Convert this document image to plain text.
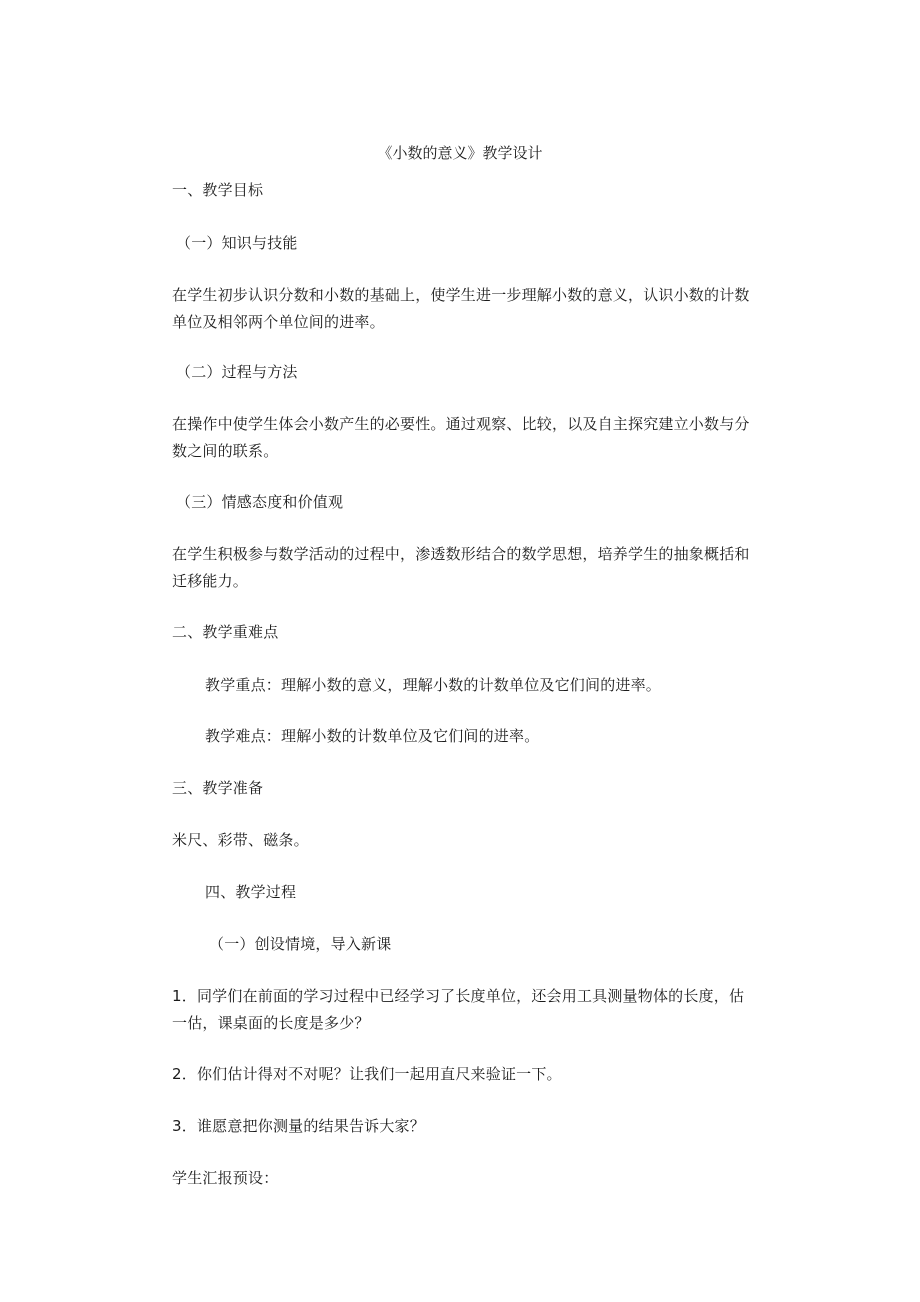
《小数的意义》教学设计
一、教学目标
（一）知识与技能
在学生初步认识分数和小数的基础上，使学生进一步理解小数的意义，认识小数的计数
单位及相邻两个单位间的进率。
（二）过程与方法
在操作中使学生体会小数产生的必要性。通过观察、比较，以及自主探究建立小数与分
数之间的联系。
（三）情感态度和价值观
在学生积极参与数学活动的过程中，渗透数形结合的数学思想，培养学生的抽象概括和
迁移能力。
二、教学重难点
教学重点：理解小数的意义，理解小数的计数单位及它们间的进率。
教学难点：理解小数的计数单位及它们间的进率。
三、教学准备
米尺、彩带、磁条。
四、教学过程
（一）创设情境，导入新课
1．同学们在前面的学习过程中已经学习了长度单位，还会用工具测量物体的长度，估
一估，课桌面的长度是多少？
2．你们估计得对不对呢？让我们一起用直尺来验证一下。
3．谁愿意把你测量的结果告诉大家？
学生汇报预设：
